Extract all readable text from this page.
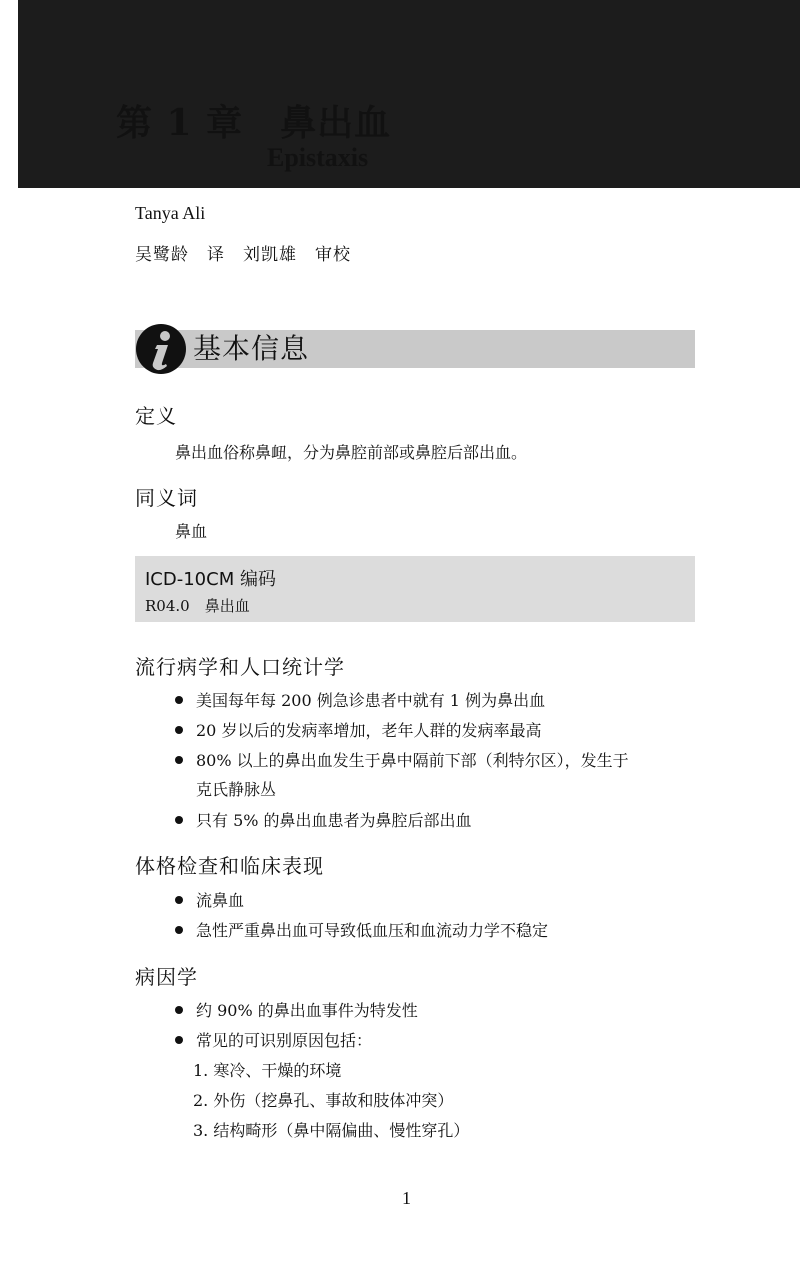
第 1 章　鼻出血
Epistaxis
Tanya Ali
吴鹭龄　译　刘凯雄　审校
基本信息
定义
鼻出血俗称鼻衄，分为鼻腔前部或鼻腔后部出血。
同义词
鼻血
ICD-10CM 编码
R04.0　鼻出血
流行病学和人口统计学
美国每年每 200 例急诊患者中就有 1 例为鼻出血
20 岁以后的发病率增加，老年人群的发病率最高
80% 以上的鼻出血发生于鼻中隔前下部（利特尔区），发生于
克氏静脉丛
只有 5% 的鼻出血患者为鼻腔后部出血
体格检查和临床表现
流鼻血
急性严重鼻出血可导致低血压和血流动力学不稳定
病因学
约 90% 的鼻出血事件为特发性
常见的可识别原因包括：
1. 寒冷、干燥的环境
2. 外伤（挖鼻孔、事故和肢体冲突）
3. 结构畸形（鼻中隔偏曲、慢性穿孔）
1
